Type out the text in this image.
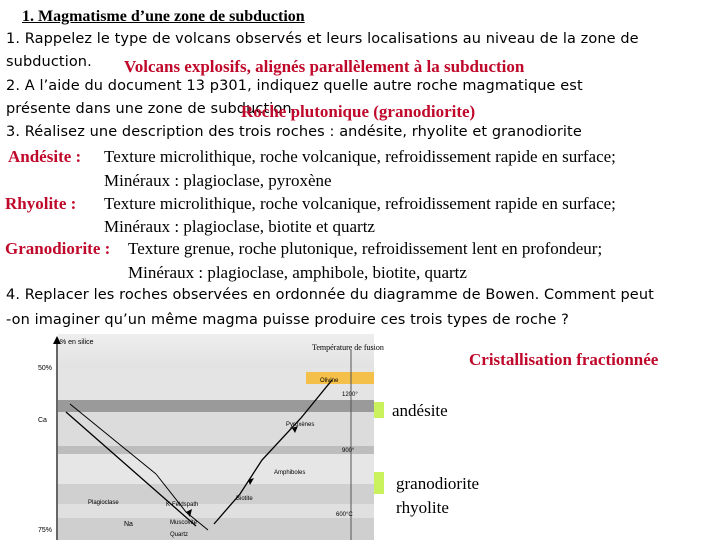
1. Magmatisme d’une zone de subduction
1. Rappelez le type de volcans observés et leurs localisations au niveau de la zone de
subduction. Volcans explosifs, alignés parallèlement à la subduction
2. A l’aide du document 13 p301, indiquez quelle autre roche magmatique est
présente dans une zone de subduction.
Roche plutonique (granodiorite)
3. Réalisez une description des trois roches : andésite, rhyolite et granodiorite
Andésite : Texture microlithique, roche volcanique, refroidissement rapide en surface;
Minéraux : plagioclase, pyroxène
Rhyolite : Texture microlithique, roche volcanique, refroidissement rapide en surface;
Minéraux : plagioclase, biotite et quartz
Granodiorite : Texture grenue, roche plutonique, refroidissement lent en profondeur;
Minéraux : plagioclase, amphibole, biotite, quartz
4. Replacer les roches observées en ordonnée du diagramme de Bowen. Comment peut
-on imaginer qu’un même magma puisse produire ces trois types de roche ?
% en silice
Température de fusion
50%
75%
Ca
Na
Olivine
Pyroxènes
Amphiboles
Plagioclase
Biotite
K-Feldspath
Muscovite
Quartz
1200°
900°
600°C
Cristallisation fractionnée
andésite
granodiorite
rhyolite
